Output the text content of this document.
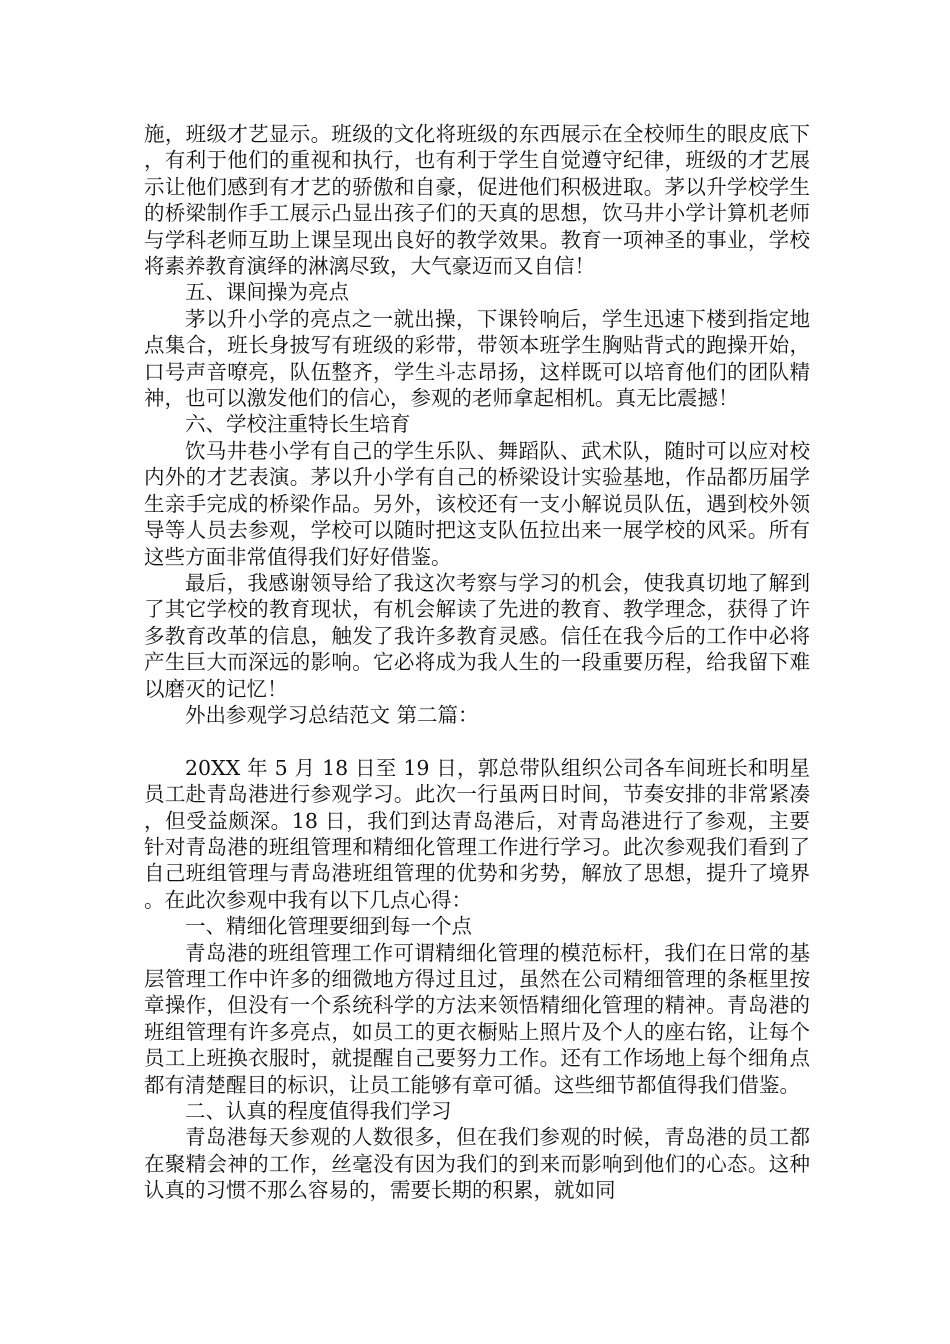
施，班级才艺显示。班级的文化将班级的东西展示在全校师生的眼皮底下，有利于他们的重视和执行，也有利于学生自觉遵守纪律，班级的才艺展示让他们感到有才艺的骄傲和自豪，促进他们积极进取。茅以升学校学生的桥梁制作手工展示凸显出孩子们的天真的思想，饮马井小学计算机老师与学科老师互助上课呈现出良好的教学效果。教育一项神圣的事业，学校将素养教育演绎的淋漓尽致，大气豪迈而又自信！

五、课间操为亮点

茅以升小学的亮点之一就出操，下课铃响后，学生迅速下楼到指定地点集合，班长身披写有班级的彩带，带领本班学生胸贴背式的跑操开始，口号声音嘹亮，队伍整齐，学生斗志昂扬，这样既可以培育他们的团队精神，也可以激发他们的信心，参观的老师拿起相机。真无比震撼！

六、学校注重特长生培育

饮马井巷小学有自己的学生乐队、舞蹈队、武术队，随时可以应对校内外的才艺表演。茅以升小学有自己的桥梁设计实验基地，作品都历届学生亲手完成的桥梁作品。另外，该校还有一支小解说员队伍，遇到校外领导等人员去参观，学校可以随时把这支队伍拉出来一展学校的风采。所有这些方面非常值得我们好好借鉴。

最后，我感谢领导给了我这次考察与学习的机会，使我真切地了解到了其它学校的教育现状，有机会解读了先进的教育、教学理念，获得了许多教育改革的信息，触发了我许多教育灵感。信任在我今后的工作中必将产生巨大而深远的影响。它必将成为我人生的一段重要历程，给我留下难以磨灭的记忆！

外出参观学习总结范文 第二篇：

20XX 年 5 月 18 日至 19 日，郭总带队组织公司各车间班长和明星员工赴青岛港进行参观学习。此次一行虽两日时间，节奏安排的非常紧凑，但受益颇深。18 日，我们到达青岛港后，对青岛港进行了参观，主要针对青岛港的班组管理和精细化管理工作进行学习。此次参观我们看到了自己班组管理与青岛港班组管理的优势和劣势，解放了思想，提升了境界。在此次参观中我有以下几点心得：

一、精细化管理要细到每一个点

青岛港的班组管理工作可谓精细化管理的模范标杆，我们在日常的基层管理工作中许多的细微地方得过且过，虽然在公司精细管理的条框里按章操作，但没有一个系统科学的方法来领悟精细化管理的精神。青岛港的班组管理有许多亮点，如员工的更衣橱贴上照片及个人的座右铭，让每个员工上班换衣服时，就提醒自己要努力工作。还有工作场地上每个细角点都有清楚醒目的标识，让员工能够有章可循。这些细节都值得我们借鉴。

二、认真的程度值得我们学习

青岛港每天参观的人数很多，但在我们参观的时候，青岛港的员工都在聚精会神的工作，丝毫没有因为我们的到来而影响到他们的心态。这种认真的习惯不那么容易的，需要长期的积累，就如同
